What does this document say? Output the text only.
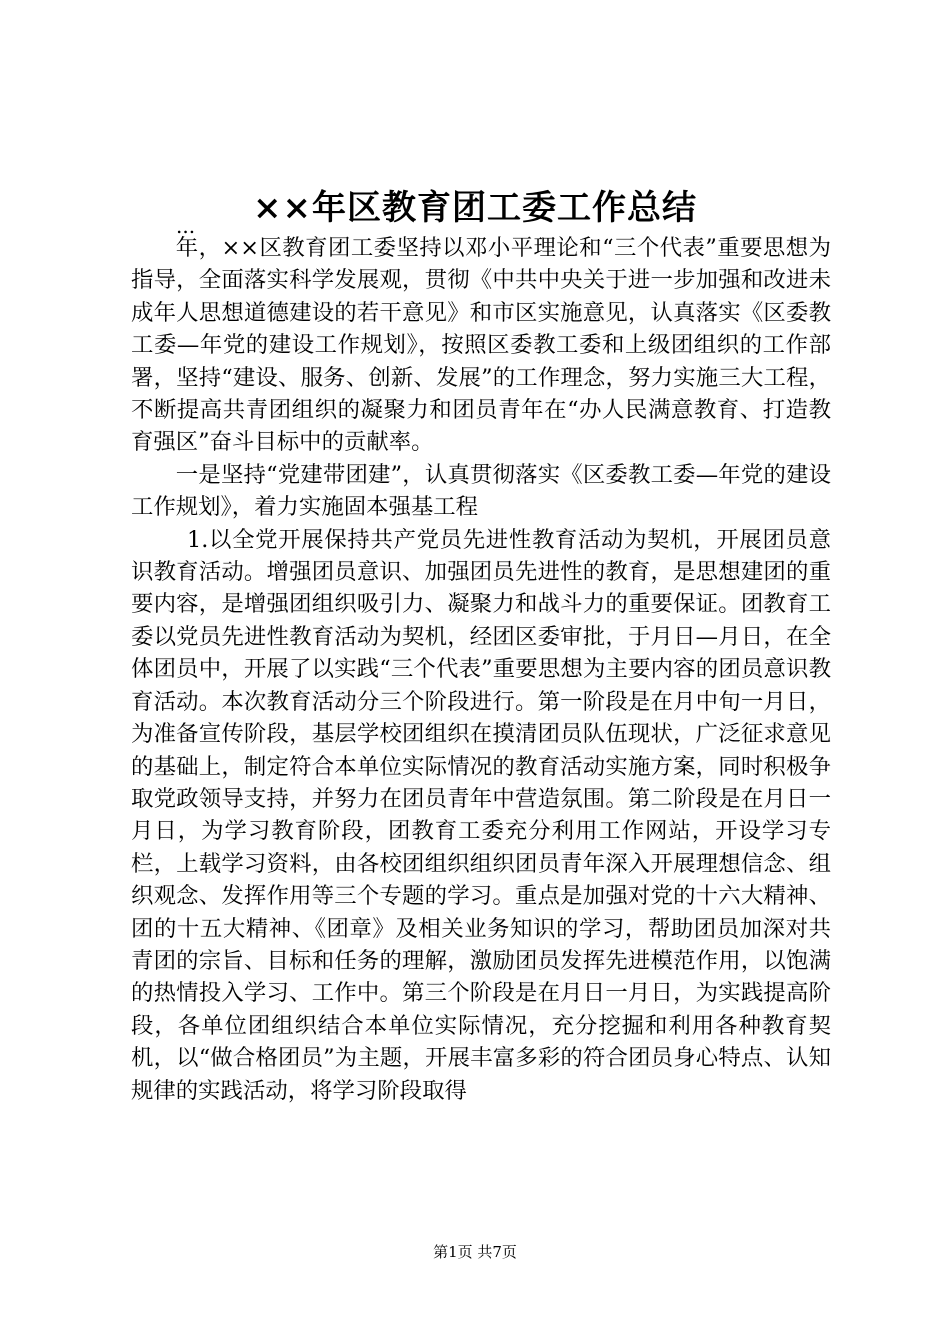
××年区教育团工委工作总结
...

年，××区教育团工委坚持以邓小平理论和“三个代表”重要思想为指导，全面落实科学发展观，贯彻《中共中央关于进一步加强和改进未成年人思想道德建设的若干意见》和市区实施意见，认真落实《区委教工委—年党的建设工作规划》，按照区委教工委和上级团组织的工作部署，坚持“建设、服务、创新、发展”的工作理念，努力实施三大工程，不断提高共青团组织的凝聚力和团员青年在“办人民满意教育、打造教育强区”奋斗目标中的贡献率。

一是坚持“党建带团建”，认真贯彻落实《区委教工委—年党的建设工作规划》，着力实施固本强基工程

1.以全党开展保持共产党员先进性教育活动为契机，开展团员意识教育活动。增强团员意识、加强团员先进性的教育，是思想建团的重要内容，是增强团组织吸引力、凝聚力和战斗力的重要保证。团教育工委以党员先进性教育活动为契机，经团区委审批，于月日—月日，在全体团员中，开展了以实践“三个代表”重要思想为主要内容的团员意识教育活动。本次教育活动分三个阶段进行。第一阶段是在月中旬一月日，为准备宣传阶段，基层学校团组织在摸清团员队伍现状，广泛征求意见的基础上，制定符合本单位实际情况的教育活动实施方案，同时积极争取党政领导支持，并努力在团员青年中营造氛围。第二阶段是在月日一月日，为学习教育阶段，团教育工委充分利用工作网站，开设学习专栏，上载学习资料，由各校团组织组织团员青年深入开展理想信念、组织观念、发挥作用等三个专题的学习。重点是加强对党的十六大精神、团的十五大精神、《团章》及相关业务知识的学习，帮助团员加深对共青团的宗旨、目标和任务的理解，激励团员发挥先进模范作用，以饱满的热情投入学习、工作中。第三个阶段是在月日一月日，为实践提高阶段，各单位团组织结合本单位实际情况，充分挖掘和利用各种教育契机，以“做合格团员”为主题，开展丰富多彩的符合团员身心特点、认知规律的实践活动，将学习阶段取得

第1页 共7页
